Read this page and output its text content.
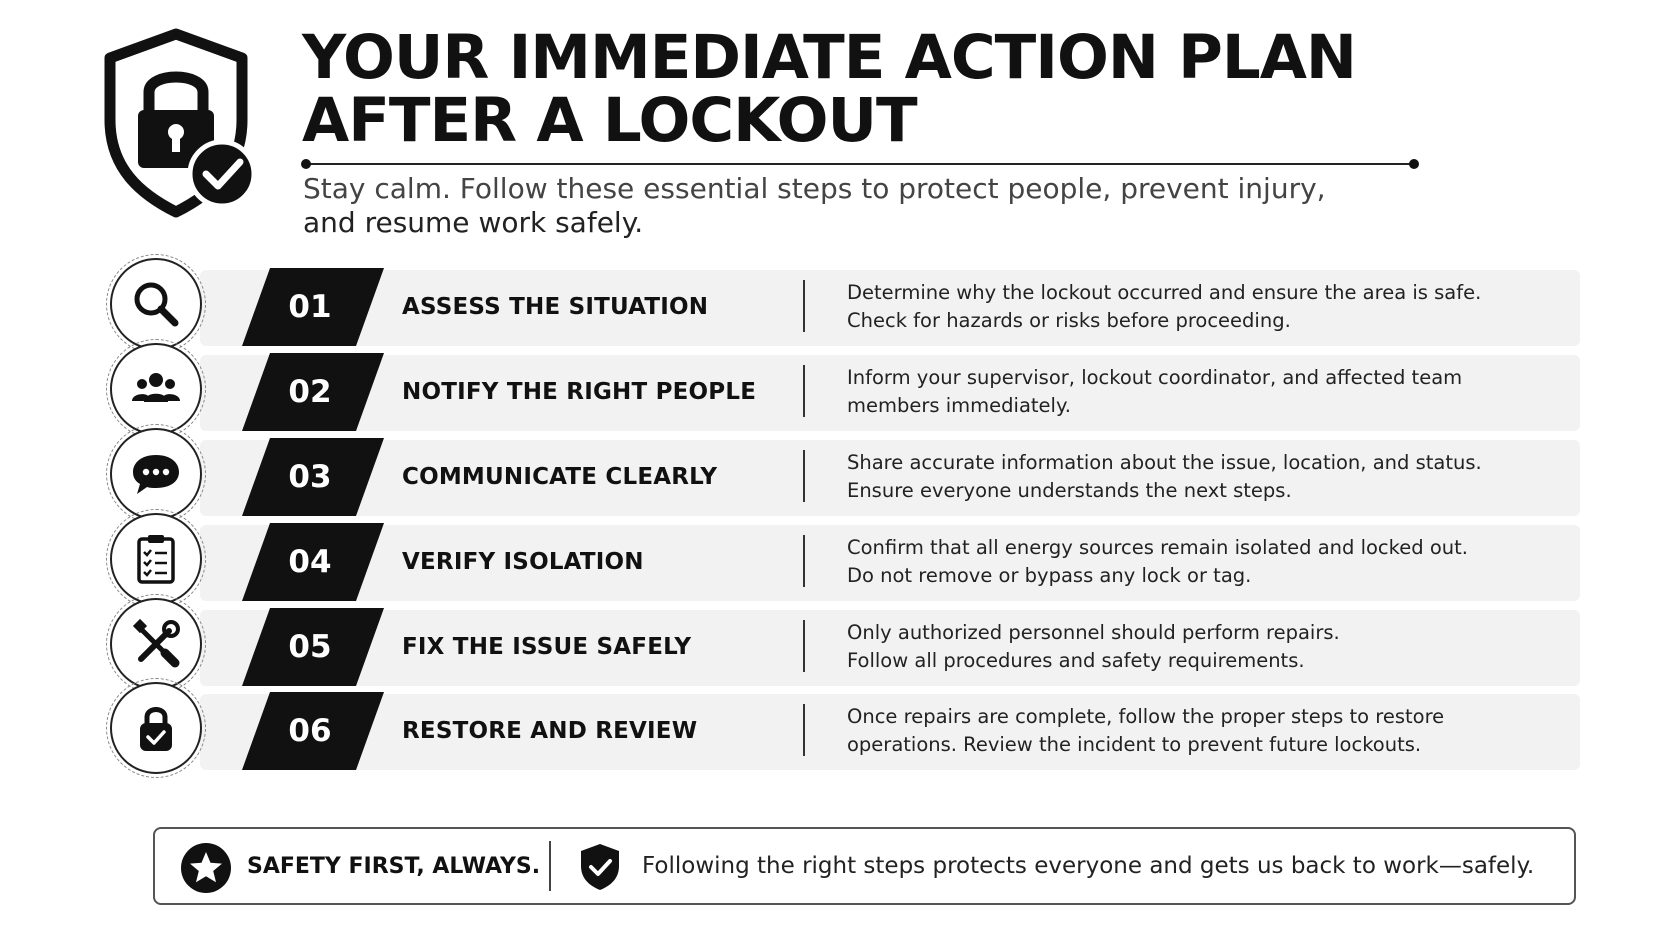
YOUR IMMEDIATE ACTION PLAN
AFTER A LOCKOUT

Stay calm. Follow these essential steps to protect people, prevent injury,
and resume work safely.

01	ASSESS THE SITUATION
Determine why the lockout occurred and ensure the area is safe.
Check for hazards or risks before proceeding.
02	NOTIFY THE RIGHT PEOPLE
Inform your supervisor, lockout coordinator, and affected team
members immediately.
03	COMMUNICATE CLEARLY
Share accurate information about the issue, location, and status.
Ensure everyone understands the next steps.
04	VERIFY ISOLATION
Confirm that all energy sources remain isolated and locked out.
Do not remove or bypass any lock or tag.
05	FIX THE ISSUE SAFELY
Only authorized personnel should perform repairs.
Follow all procedures and safety requirements.
06	RESTORE AND REVIEW
Once repairs are complete, follow the proper steps to restore
operations. Review the incident to prevent future lockouts.
SAFETY FIRST, ALWAYS.	Following the right steps protects everyone and gets us back to work—safely.
